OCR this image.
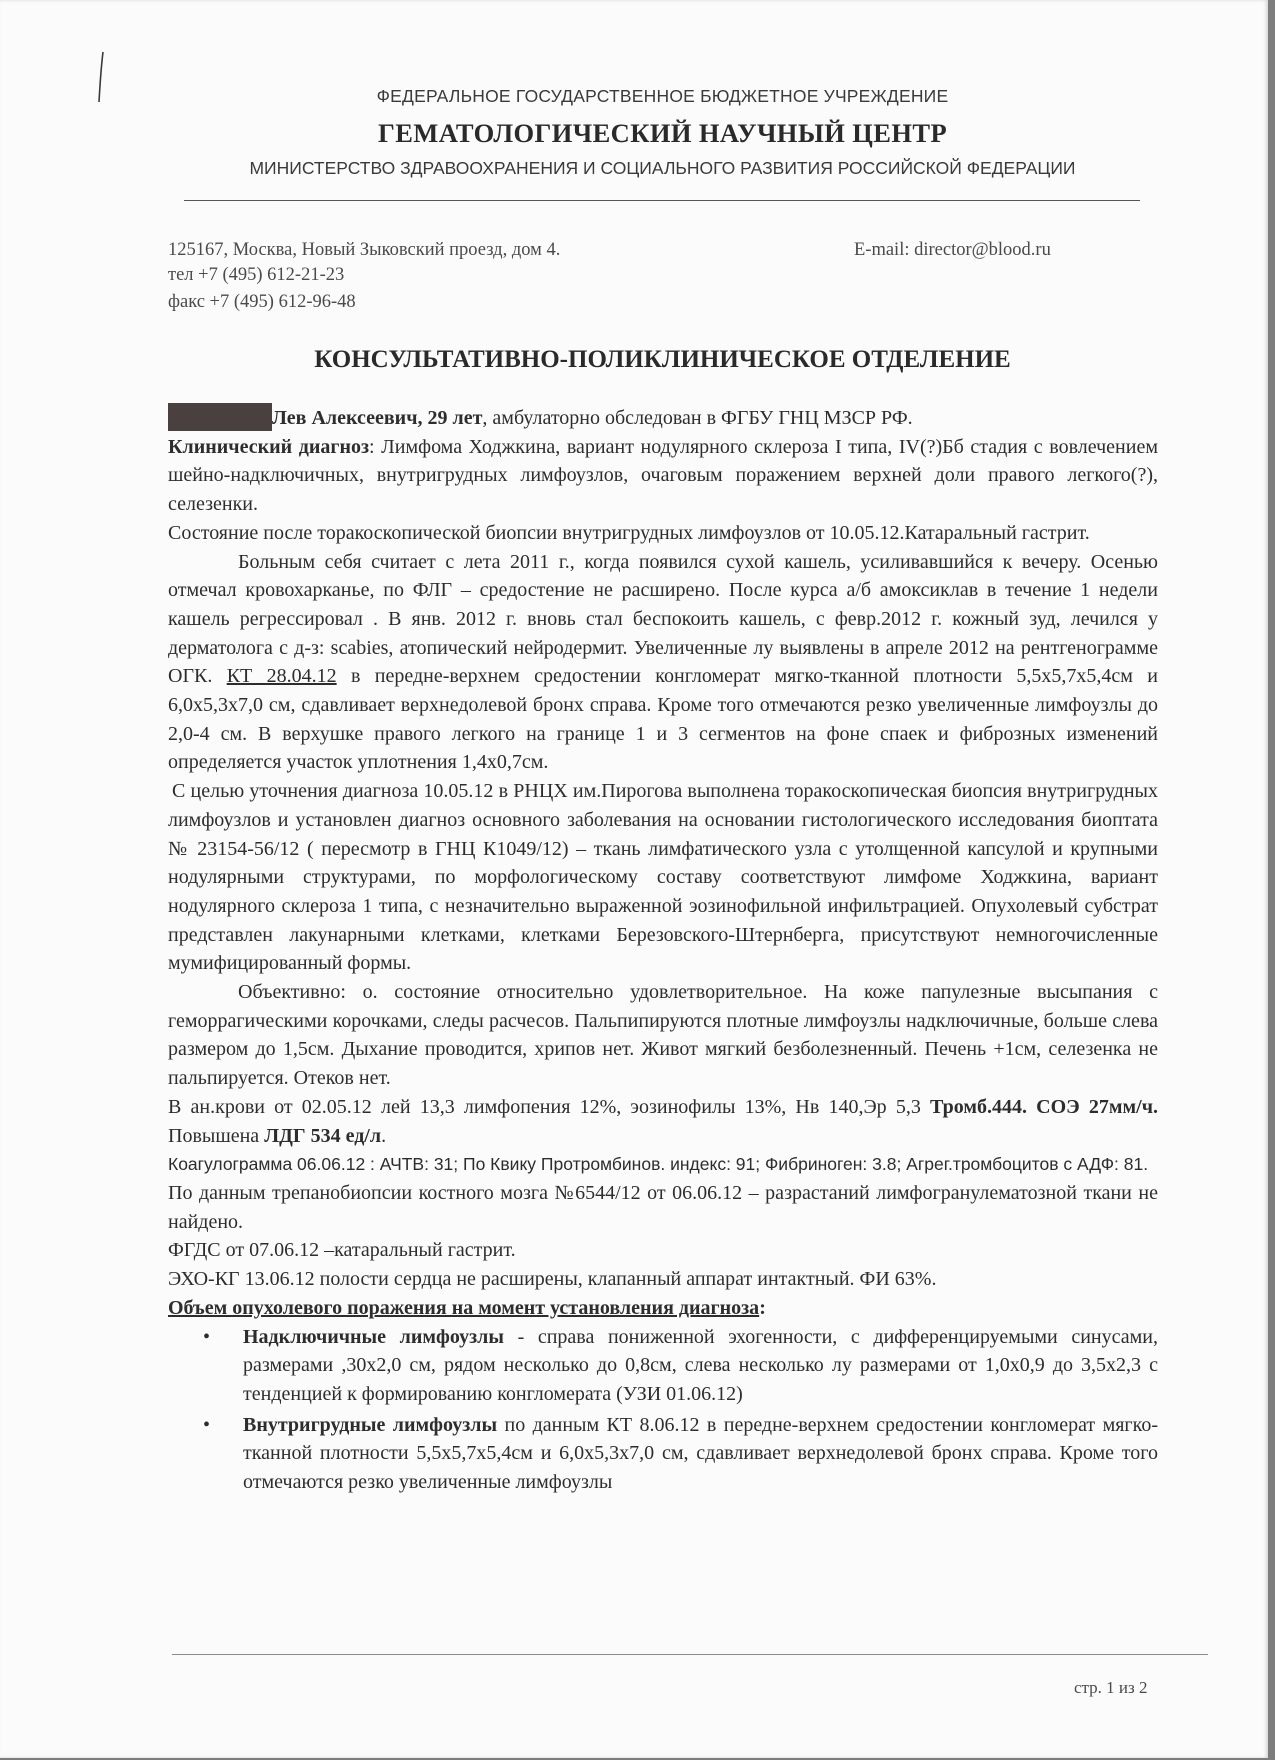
ФЕДЕРАЛЬНОЕ ГОСУДАРСТВЕННОЕ БЮДЖЕТНОЕ УЧРЕЖДЕНИЕ
ГЕМАТОЛОГИЧЕСКИЙ НАУЧНЫЙ ЦЕНТР
МИНИСТЕРСТВО ЗДРАВООХРАНЕНИЯ И СОЦИАЛЬНОГО РАЗВИТИЯ РОССИЙСКОЙ ФЕДЕРАЦИИ
125167, Москва, Новый Зыковский проезд, дом 4.
тел +7 (495) 612-21-23
факс +7 (495) 612-96-48
E-mail: director@blood.ru
КОНСУЛЬТАТИВНО-ПОЛИКЛИНИЧЕСКОЕ ОТДЕЛЕНИЕ

Лев Алексеевич, 29 лет, амбулаторно обследован в ФГБУ ГНЦ МЗСР РФ.

Клинический диагноз: Лимфома Ходжкина, вариант нодулярного склероза I типа, IV(?)Бб стадия с вовлечением шейно-надключичных, внутригрудных лимфоузлов, очаговым поражением верхней доли правого легкого(?), селезенки.

Состояние после торакоскопической биопсии внутригрудных лимфоузлов от 10.05.12.Катаральный гастрит.

Больным себя считает с лета 2011 г., когда появился сухой кашель, усиливавшийся к вечеру. Осенью отмечал кровохарканье, по ФЛГ – средостение не расширено. После курса а/б амоксиклав в течение 1 недели кашель регрессировал . В янв. 2012 г. вновь стал беспокоить кашель, с февр.2012 г. кожный зуд, лечился у дерматолога с д-з: scabies, атопический нейродермит. Увеличенные лу выявлены в апреле 2012 на рентгенограмме ОГК. КТ 28.04.12 в передне-верхнем средостении конгломерат мягко-тканной плотности 5,5х5,7х5,4см и 6,0х5,3х7,0 см, сдавливает верхнедолевой бронх справа. Кроме того отмечаются резко увеличенные лимфоузлы до 2,0-4 см. В верхушке правого легкого на границе 1 и 3 сегментов на фоне спаек и фиброзных изменений определяется участок уплотнения 1,4х0,7см.

С целью уточнения диагноза 10.05.12 в РНЦХ им.Пирогова выполнена торакоскопическая биопсия внутригрудных лимфоузлов и установлен диагноз основного заболевания на основании гистологического исследования биоптата № 23154-56/12 ( пересмотр в ГНЦ К1049/12) – ткань лимфатического узла с утолщенной капсулой и крупными нодулярными структурами, по морфологическому составу соответствуют лимфоме Ходжкина, вариант нодулярного склероза 1 типа, с незначительно выраженной эозинофильной инфильтрацией. Опухолевый субстрат представлен лакунарными клетками, клетками Березовского-Штернберга, присутствуют немногочисленные мумифицированный формы.

Объективно: о. состояние относительно удовлетворительное. На коже папулезные высыпания с геморрагическими корочками, следы расчесов. Пальпипируются плотные лимфоузлы надключичные, больше слева размером до 1,5см. Дыхание проводится, хрипов нет. Живот мягкий безболезненный. Печень +1см, селезенка не пальпируется. Отеков нет.

В ан.крови от 02.05.12 лей 13,3 лимфопения 12%, эозинофилы 13%, Нв 140,Эр 5,3 Тромб.444. СОЭ 27мм/ч. Повышена ЛДГ 534 ед/л.

Коагулограмма 06.06.12 : АЧТВ: 31; По Квику Протромбинов. индекс: 91; Фибриноген: 3.8; Агрег.тромбоцитов с АДФ: 81.

По данным трепанобиопсии костного мозга №6544/12 от 06.06.12 – разрастаний лимфогранулематозной ткани не найдено.

ФГДС от 07.06.12 –катаральный гастрит.

ЭХО-КГ 13.06.12 полости сердца не расширены, клапанный аппарат интактный. ФИ 63%.

Объем опухолевого поражения на момент установления диагноза:

• Надключичные лимфоузлы - справа пониженной эхогенности, с дифференцируемыми синусами, размерами ,30х2,0 см, рядом несколько до 0,8см, слева несколько лу размерами от 1,0х0,9 до 3,5х2,3 с тенденцией к формированию конгломерата (УЗИ 01.06.12)
• Внутригрудные лимфоузлы по данным КТ 8.06.12 в передне-верхнем средостении конгломерат мягко-тканной плотности 5,5х5,7х5,4см и 6,0х5,3х7,0 см, сдавливает верхнедолевой бронх справа. Кроме того отмечаются резко увеличенные лимфоузлы
стр. 1 из 2
